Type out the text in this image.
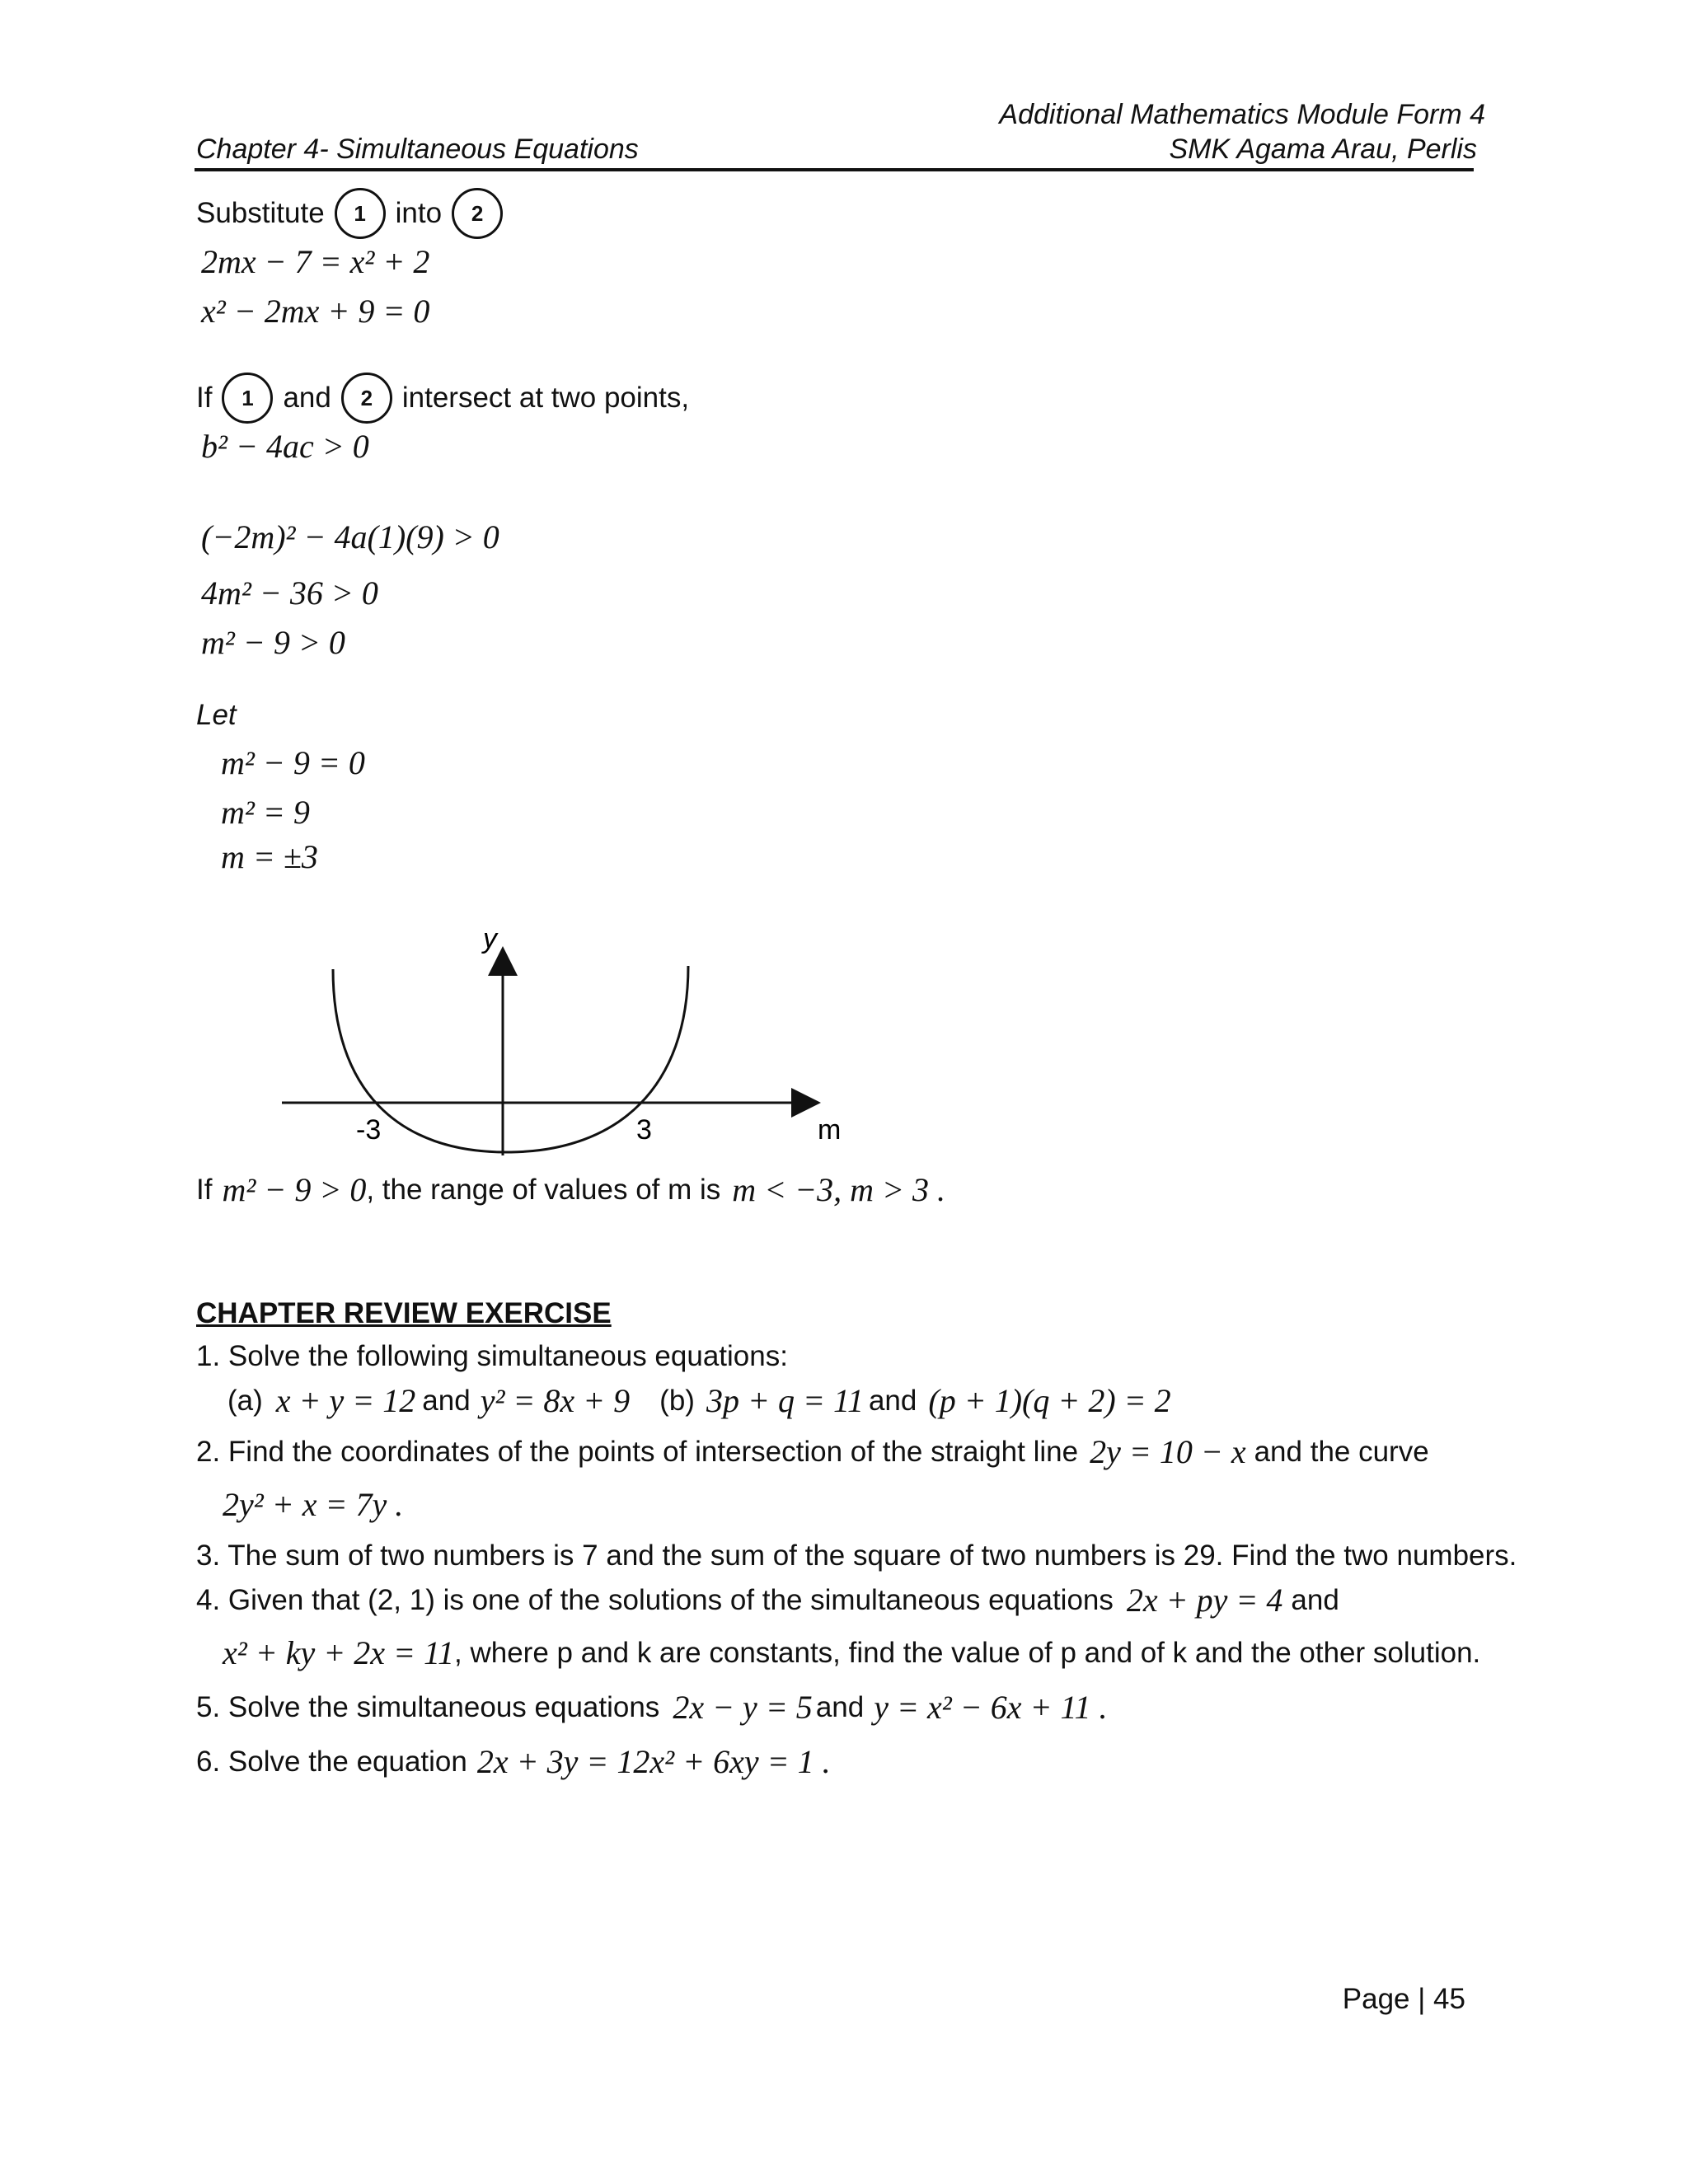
Additional Mathematics Module Form 4
Chapter 4- Simultaneous Equations	SMK Agama Arau, Perlis
Substitute	1	into	2
2mx − 7 = x² + 2
x² − 2mx + 9 = 0
If	1	and	2	intersect at two points,
b² − 4ac > 0
(−2m)² − 4a(1)(9) > 0
4m² − 36 > 0
m² − 9 > 0
Let
m² − 9 = 0
m² = 9
m = ±3
y
m
-3	3
If m² − 9 > 0 , the range of values of m is m < −3, m > 3 .
CHAPTER REVIEW EXERCISE
1. Solve the following simultaneous equations:
(a) x + y = 12 and y² = 8x + 9 (b) 3p + q = 11 and (p + 1)(q + 2) = 2
2. Find the coordinates of the points of intersection of the straight line 2y = 10 − x and the curve
2y² + x = 7y .
3. The sum of two numbers is 7 and the sum of the square of two numbers is 29. Find the two numbers.
4. Given that (2, 1) is one of the solutions of the simultaneous equations 2x + py = 4 and
x² + ky + 2x = 11 , where p and k are constants, find the value of p and of k and the other solution.
5. Solve the simultaneous equations 2x − y = 5 and y = x² − 6x + 11 .
6. Solve the equation 2x + 3y = 12x² + 6xy = 1 .
Page | 45
